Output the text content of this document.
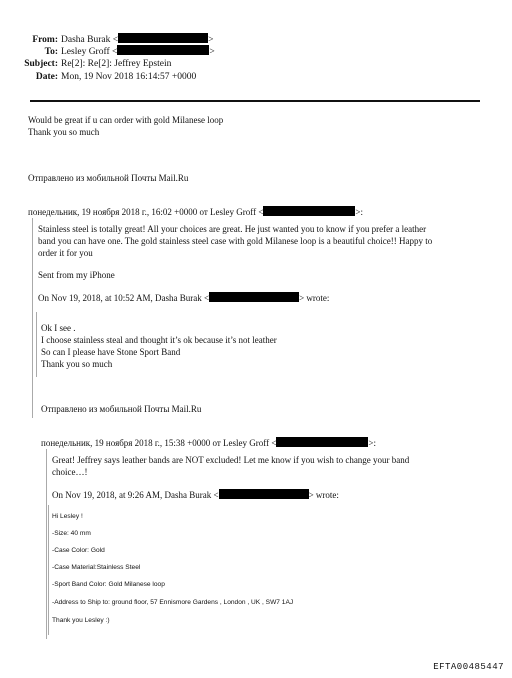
From: Dasha Burak <	>
To: Lesley Groff <	>
Subject: Re[2]: Re[2]: Jeffrey Epstein
Date: Mon, 19 Nov 2018 16:14:57 +0000
Would be great if u can order with gold Milanese loop
Thank you so much
Отправлено из мобильной Почты Mail.Ru
понедельник, 19 ноября 2018 г., 16:02 +0000 от Lesley Groff <	>:
Stainless steel is totally great! All your choices are great. He just wanted you to know if you prefer a leather
band you can have one. The gold stainless steel case with gold Milanese loop is a beautiful choice!! Happy to
order it for you
Sent from my iPhone
On Nov 19, 2018, at 10:52 AM, Dasha Burak <	> wrote:
Ok I see .
I choose stainless steal and thought it’s ok because it’s not leather
So can I please have Stone Sport Band
Thank you so much
Отправлено из мобильной Почты Mail.Ru
понедельник, 19 ноября 2018 г., 15:38 +0000 от Lesley Groff <	>:
Great! Jeffrey says leather bands are NOT excluded! Let me know if you wish to change your band
choice…!
On Nov 19, 2018, at 9:26 AM, Dasha Burak <	> wrote:
Hi Lesley !
-Size: 40 mm
-Case Color: Gold
-Case Material:Stainless Steel
-Sport Band Color: Gold Milanese loop
-Address to Ship to: ground floor, 57 Ennismore Gardens , London , UK , SW7 1AJ
Thank you Lesley :)
EFTA00485447
